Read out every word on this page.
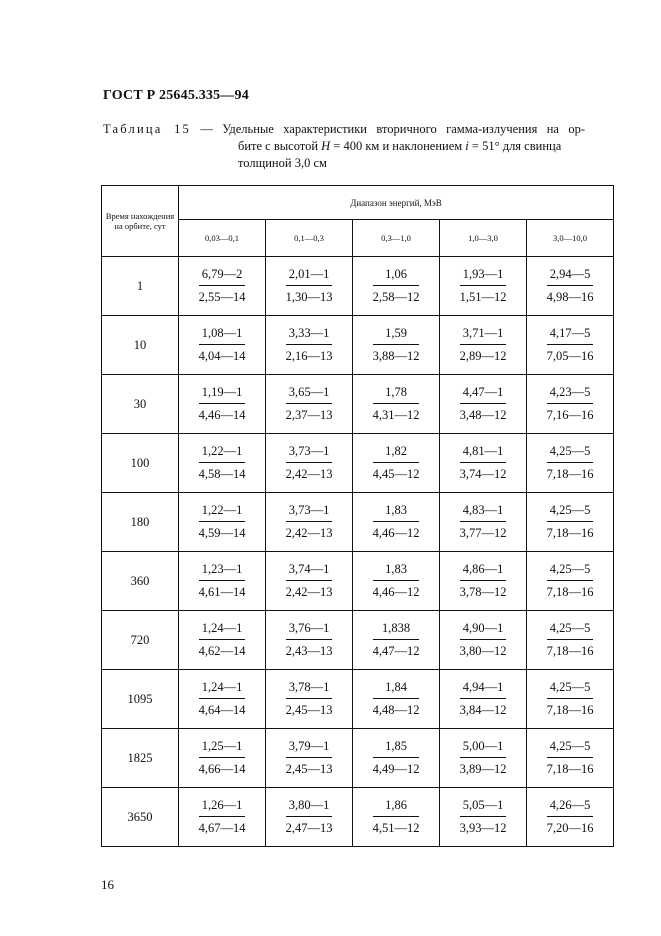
ГОСТ Р 25645.335—94
Таблица 15 — Удельные характеристики вторичного гамма-излучения на ор-
бите с высотой H = 400 км и наклонением i = 51° для свинца
толщиной 3,0 см
Время нахождения на орбите, сут	Диапазон энергий, МэВ				
	0,03—0,1	0,1—0,3	0,3—1,0	1,0—3,0	3,0—10,0
1	$\frac{6,79—2}{2,55—14}$	$\frac{2,01—1}{1,30—13}$	$\frac{1,06}{2,58—12}$	$\frac{1,93—1}{1,51—12}$	$\frac{2,94—5}{4,98—16}$

10	$\frac{1,08—1}{4,04—14}$	$\frac{3,33—1}{2,16—13}$	$\frac{1,59}{3,88—12}$	$\frac{3,71—1}{2,89—12}$	$\frac{4,17—5}{7,05—16}$

30	$\frac{1,19—1}{4,46—14}$	$\frac{3,65—1}{2,37—13}$	$\frac{1,78}{4,31—12}$	$\frac{4,47—1}{3,48—12}$	$\frac{4,23—5}{7,16—16}$

100	$\frac{1,22—1}{4,58—14}$	$\frac{3,73—1}{2,42—13}$	$\frac{1,82}{4,45—12}$	$\frac{4,81—1}{3,74—12}$	$\frac{4,25—5}{7,18—16}$

180	$\frac{1,22—1}{4,59—14}$	$\frac{3,73—1}{2,42—13}$	$\frac{1,83}{4,46—12}$	$\frac{4,83—1}{3,77—12}$	$\frac{4,25—5}{7,18—16}$

360	$\frac{1,23—1}{4,61—14}$	$\frac{3,74—1}{2,42—13}$	$\frac{1,83}{4,46—12}$	$\frac{4,86—1}{3,78—12}$	$\frac{4,25—5}{7,18—16}$

720	$\frac{1,24—1}{4,62—14}$	$\frac{3,76—1}{2,43—13}$	$\frac{1,838}{4,47—12}$	$\frac{4,90—1}{3,80—12}$	$\frac{4,25—5}{7,18—16}$

1095	$\frac{1,24—1}{4,64—14}$	$\frac{3,78—1}{2,45—13}$	$\frac{1,84}{4,48—12}$	$\frac{4,94—1}{3,84—12}$	$\frac{4,25—5}{7,18—16}$

1825	$\frac{1,25—1}{4,66—14}$	$\frac{3,79—1}{2,45—13}$	$\frac{1,85}{4,49—12}$	$\frac{5,00—1}{3,89—12}$	$\frac{4,25—5}{7,18—16}$

3650	$\frac{1,26—1}{4,67—14}$	$\frac{3,80—1}{2,47—13}$	$\frac{1,86}{4,51—12}$	$\frac{5,05—1}{3,93—12}$	$\frac{4,26—5}{7,20—16}$
16
